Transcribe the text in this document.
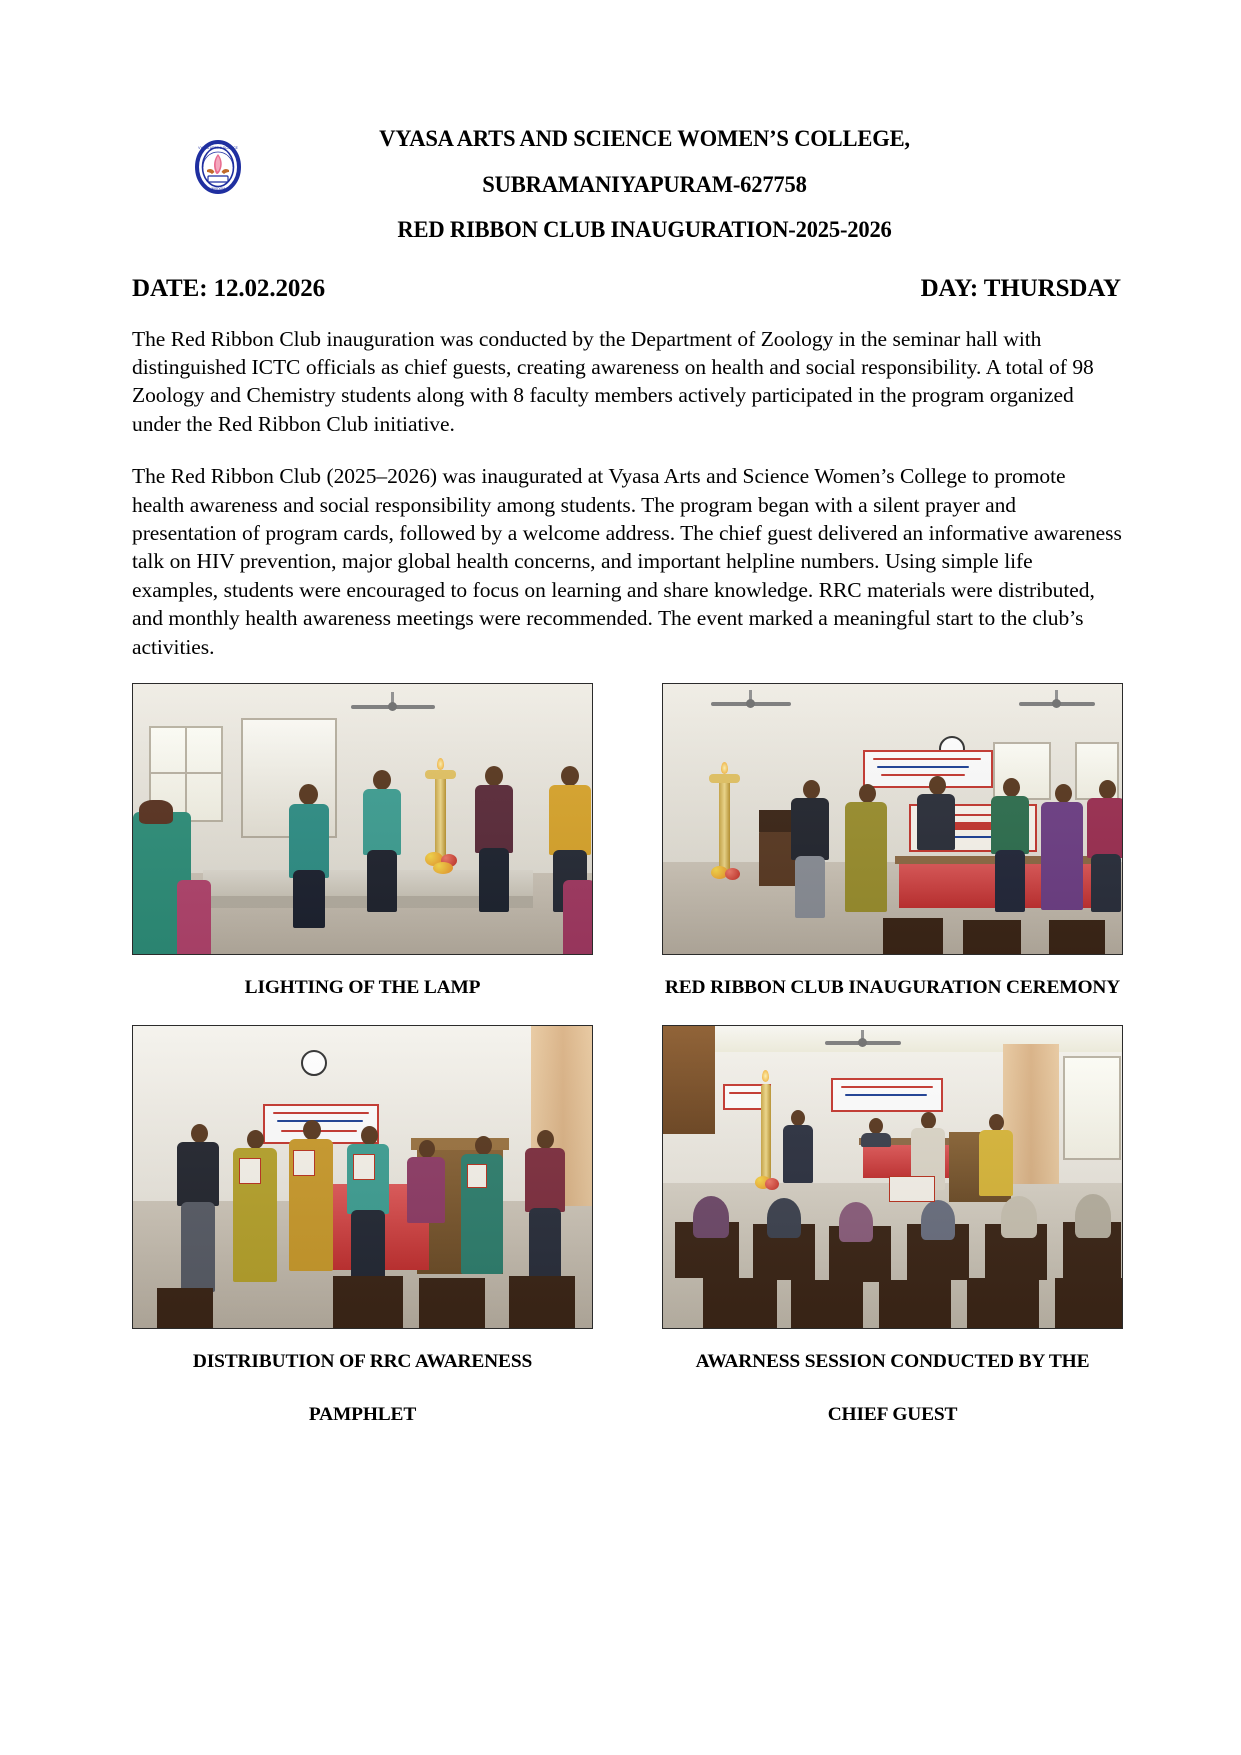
VYASA ARTS & SCIENCE
WISDOM
VYASA ARTS AND SCIENCE WOMEN’S COLLEGE,
SUBRAMANIYAPURAM-627758
RED RIBBON CLUB INAUGURATION-2025-2026
DATE: 12.02.2026	DAY: THURSDAY

The Red Ribbon Club inauguration was conducted by the Department of Zoology in the seminar hall with distinguished ICTC officials as chief guests, creating awareness on health and social responsibility. A total of 98 Zoology and Chemistry students along with 8 faculty members actively participated in the program organized under the Red Ribbon Club initiative.

The Red Ribbon Club (2025–2026) was inaugurated at Vyasa Arts and Science Women’s College to promote health awareness and social responsibility among students. The program began with a silent prayer and presentation of program cards, followed by a welcome address. The chief guest delivered an informative awareness talk on HIV prevention, major global health concerns, and important helpline numbers. Using simple life examples, students were encouraged to focus on learning and share knowledge. RRC materials were distributed, and monthly health awareness meetings were recommended. The event marked a meaningful start to the club’s activities.

LIGHTING OF THE LAMP	RED RIBBON CLUB INAUGURATION CEREMONY
DISTRIBUTION OF RRC AWARENESS
PAMPHLET
AWARNESS SESSION CONDUCTED BY THE
CHIEF GUEST
